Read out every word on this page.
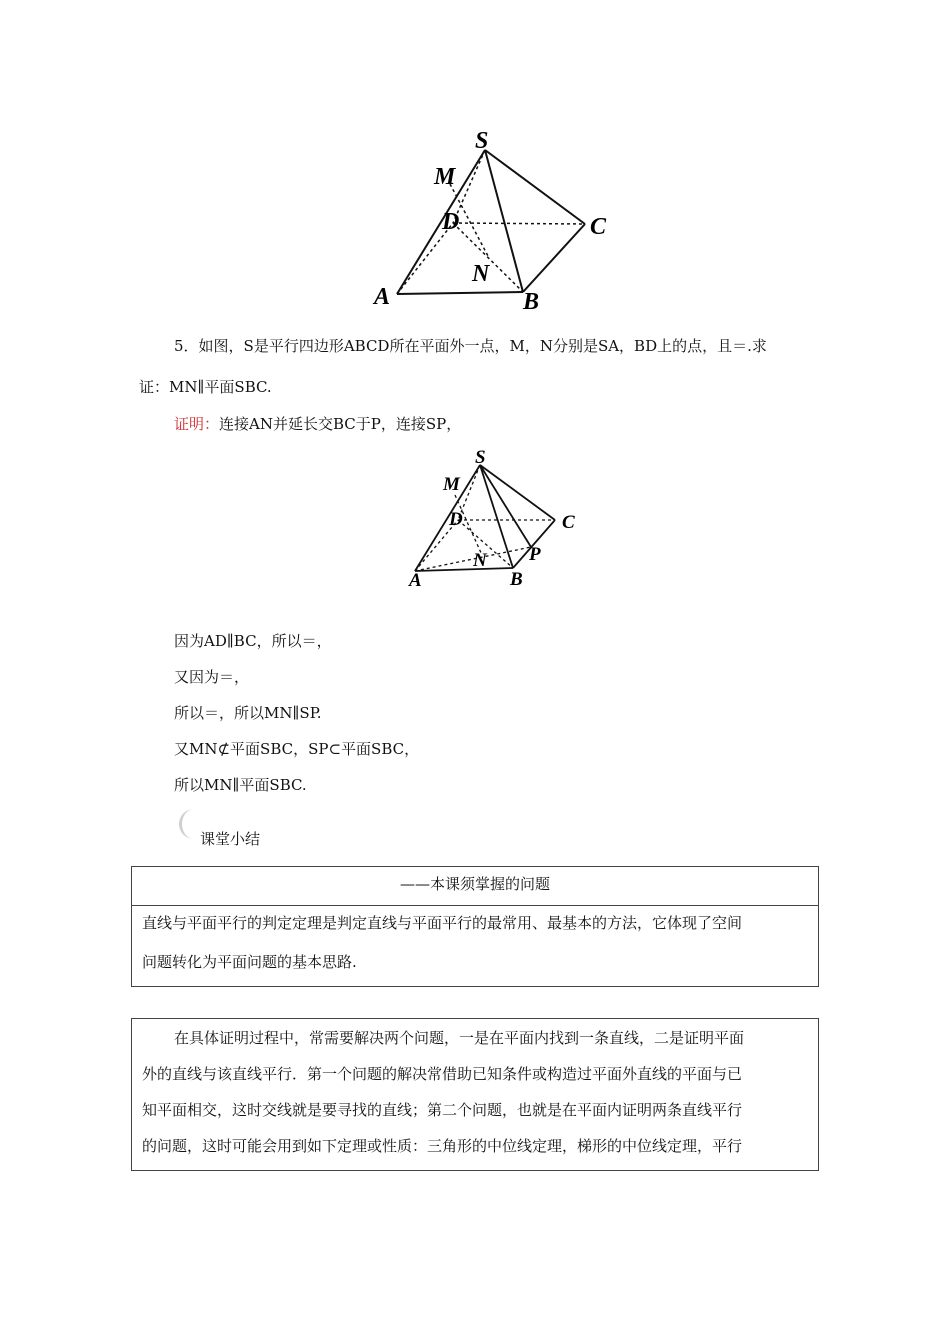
S
M
D	C
N
A	B
5．如图，S是平行四边形ABCD所在平面外一点，M，N分别是SA，BD上的点，且＝.求
证：MN∥平面SBC.
证明：连接AN并延长交BC于P，连接SP，
S
M
D	C
N P
A	B
因为AD∥BC，所以＝，
又因为＝，
所以＝，所以MN∥SP.
又MN⊄平面SBC，SP⊂平面SBC，
所以MN∥平面SBC.
课堂小结
——本课须掌握的问题
直线与平面平行的判定定理是判定直线与平面平行的最常用、最基本的方法，它体现了空间
问题转化为平面问题的基本思路.
在具体证明过程中，常需要解决两个问题，一是在平面内找到一条直线，二是证明平面
外的直线与该直线平行．第一个问题的解决常借助已知条件或构造过平面外直线的平面与已
知平面相交，这时交线就是要寻找的直线；第二个问题，也就是在平面内证明两条直线平行
的问题，这时可能会用到如下定理或性质：三角形的中位线定理，梯形的中位线定理，平行
